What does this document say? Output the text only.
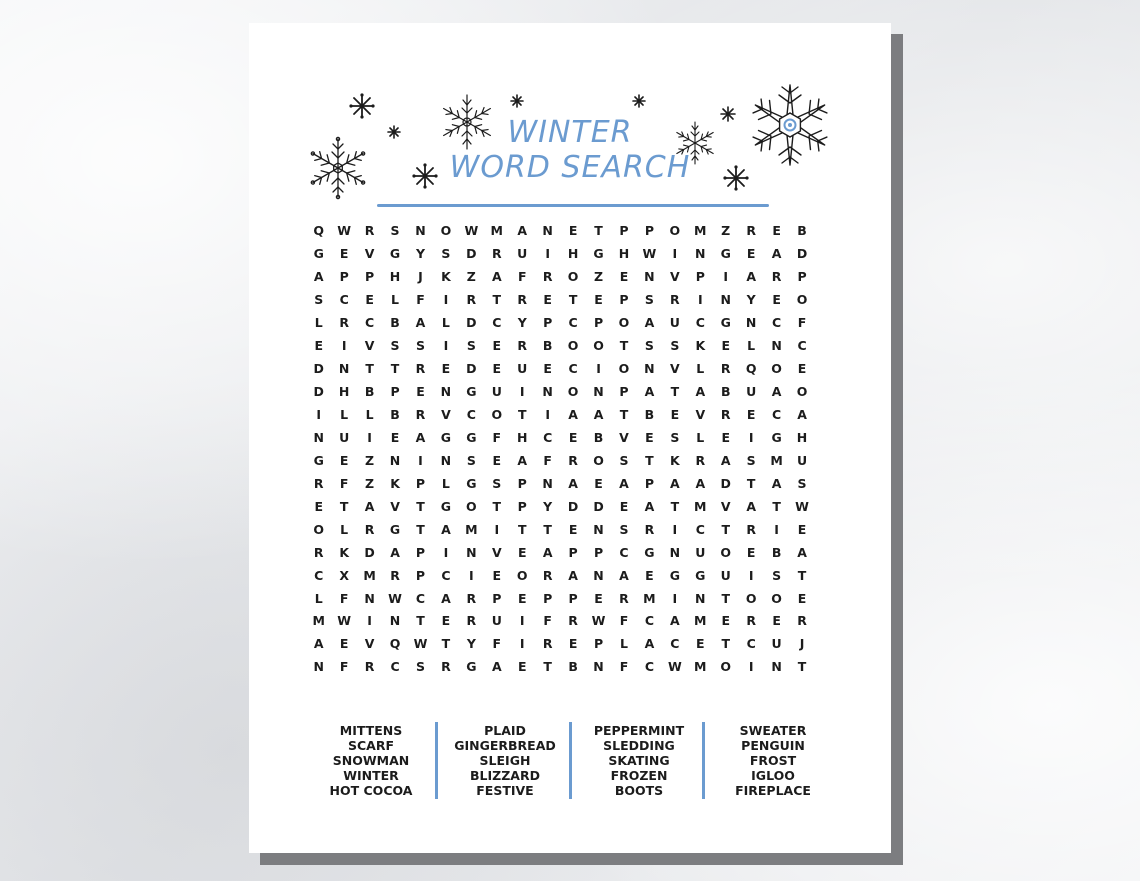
WINTER
WORD SEARCH
Q	W	R	S	N	O	W M	A	N	E	T	P	P	O	M	Z	R	E	B
G	E	V	G	Y	S	D	R	U	I	H	G	H	W	I	N	G	E	A	D
A	P	P	H	J	K	Z	A	F	R	O	Z	E	N	V	P	I	A	R	P
S	C	E	L	F	I	R	T	R	E	T	E	P	S	R	I	N	Y	E	O
L	R	C	B	A	L	D	C	Y	P	C	P	O	A	U	C	G	N	C	F
E	I	V	S	S	I	S	E	R	B	O	O	T	S	S	K	E	L	N	C
D	N	T	T	R	E	D	E	U	E	C	I	O	N	V	L	R	Q	O	E
D	H	B	P	E	N	G	U	I	N	O	N	P	A	T	A	B	U	A	O
I	L	L	B	R	V	C	O	T	I	A	A	T	B	E	V	R	E	C	A
N	U	I	E	A	G	G	F	H	C	E	B	V	E	S	L	E	I	G	H
G	E	Z	N	I	N	S	E	A	F	R	O	S	T	K	R	A	S	M	U
R	F	Z	K	P	L	G	S	P	N	A	E	A	P	A	A	D	T	A	S
E	T	A	V	T	G	O	T	P	Y	D	D	E	A	T	M	V	A	T	W
O	L	R	G	T	A	M	I	T	T	E	N	S	R	I	C	T	R	I	E
R	K	D	A	P	I	N	V	E	A	P	P	C	G	N	U	O	E	B	A
C	X	M	R	P	C	I	E	O	R	A	N	A	E	G	G	U	I	S	T
L	F	N	W	C	A	R	P	E	P	P	E	R	M	I	N	T	O	O	E
M W	I	N	T	E	R	U	I	F	R	W	F	C	A	M	E	R	E	R
A	E	V	Q	W	T	Y	F	I	R	E	P	L	A	C	E	T	C	U	J
N	F	R	C	S	R	G	A	E	T	B	N	F	C	W M	O	I	N	T
MITTENS
SCARF
SNOWMAN
WINTER
HOT COCOA
PLAID
GINGERBREAD
SLEIGH
BLIZZARD
FESTIVE
PEPPERMINT
SLEDDING
SKATING
FROZEN
BOOTS
SWEATER
PENGUIN
FROST
IGLOO
FIREPLACE
